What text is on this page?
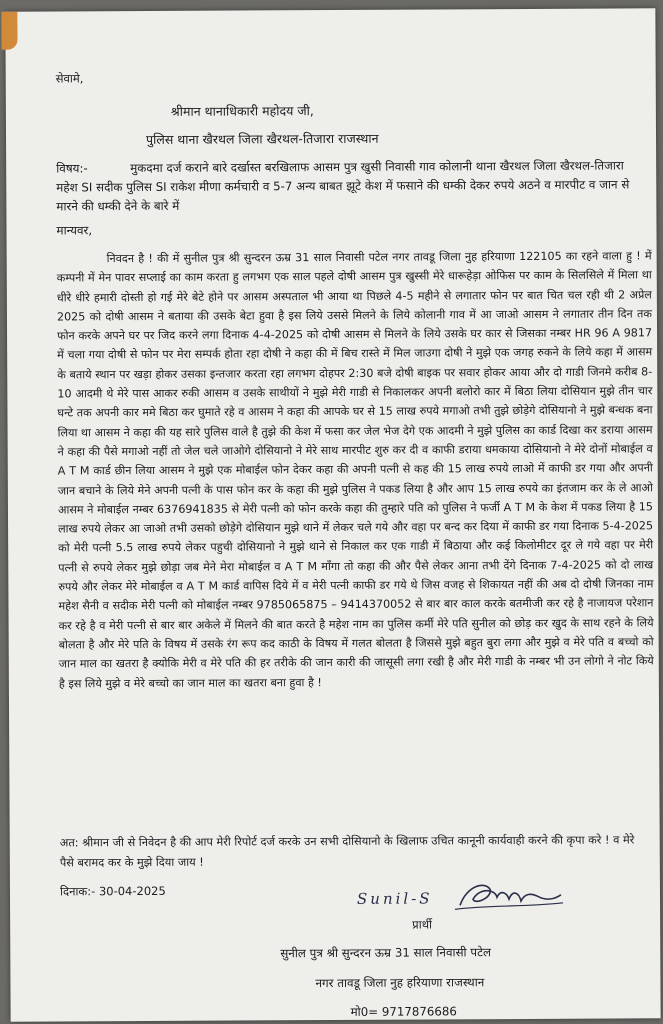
सेवामे,

श्रीमान थानाधिकारी महोदय जी,

पुलिस थाना खैरथल जिला खैरथल-तिजारा राजस्थान

विषय:-	मुकदमा दर्ज कराने बारे दर्खास्त बरखिलाफ आसम पुत्र खुसी निवासी गाव कोलानी थाना खैरथल जिला खैरथल-तिजारा महेश SI सदीक पुलिस SI राकेश मीणा कर्मचारी व 5-7 अन्य बाबत झूटे केश में फसाने की धम्की देकर रुपये अठने व मारपीट व जान से मारने की धम्की देने के बारे में

मान्यवर,

निवदन है ! की में सुनील पुत्र श्री सुन्दरन ऊम्र 31 साल निवासी पटेल नगर तावडू जिला नुह हरियाणा 122105 का रहने वाला हु ! में कम्पनी में मेन पावर सप्लाई का काम करता हु लगभग एक साल पहले दोषी आसम पुत्र खुस्सी मेरे धारूहेड़ा ओफिस पर काम के सिलसिले में मिला था धीरे धीरे हमारी दोस्ती हो गई मेरे बेटे होने पर आसम अस्पताल भी आया था पिछले 4-5 महीने से लगातार फोन पर बात चित चल रही थी 2 अप्रेल 2025 को दोषी आसम ने बताया की उसके बेटा हुवा है इस लिये उससे मिलने के लिये कोलानी गाव में आ जाओ आसम ने लगातार तीन दिन तक फोन करके अपने घर पर जिद करने लगा दिनाक 4-4-2025 को दोषी आसम से मिलने के लिये उसके घर कार से जिसका नम्बर HR 96 A 9817 में चला गया दोषी से फोन पर मेरा सम्पर्क होता रहा दोषी ने कहा की में बिच रास्ते में मिल जाउगा दोषी ने मुझे एक जगह रुकने के लिये कहा में आसम के बताये स्थान पर खड़ा होकर उसका इन्तजार करता रहा लगभग दोहपर 2:30 बजे दोषी बाइक पर सवार होकर आया और दो गाडी जिनमे करीब 8-10 आदमी थे मेरे पास आकर रुकी आसम व उसके साथीयों ने मुझे मेरी गाडी से निकालकर अपनी बलोरो कार में बिठा लिया दोसियान मुझे तीन चार घन्टे तक अपनी कार ममे बिठा कर घुमाते रहे व आसम ने कहा की आपके घर से 15 लाख रुपये मगाओ तभी तुझे छोड़ेगे दोसियानो ने मुझे बन्धक बना लिया था आसम ने कहा की यह सारे पुलिस वाले है तुझे की केश में फसा कर जेल भेज देगे एक आदमी ने मुझे पुलिस का कार्ड दिखा कर डराया आसम ने कहा की पैसे मगाओ नहीं तो जेल चले जाओगे दोसियानो ने मेरे साथ मारपीट शुरु कर दी व काफी डराया धमकाया दोसियानो ने मेरे दोनों मोबाईल व A T M कार्ड छीन लिया आसम ने मुझे एक मोबाईल फोन देकर कहा की अपनी पत्नी से कह की 15 लाख रुपये लाओ में काफी डर गया और अपनी जान बचाने के लिये मेने अपनी पत्नी के पास फोन कर के कहा की मुझे पुलिस ने पकड लिया है और आप 15 लाख रुपये का इंतजाम कर के ले आओ आसम ने मोबाईल नम्बर 6376941835 से मेरी पत्नी को फोन करके कहा की तुम्हारे पति को पुलिस ने फर्जी A T M के केश में पकड लिया है 15 लाख रुपये लेकर आ जाओ तभी उसको छोड़ेगे दोसियान मुझे थाने में लेकर चले गये और वहा पर बन्द कर दिया में काफी डर गया दिनाक 5-4-2025 को मेरी पत्नी 5.5 लाख रुपये लेकर पहुची दोसियानो ने मुझे थाने से निकाल कर एक गाडी में बिठाया और कई किलोमीटर दूर ले गये वहा पर मेरी पत्नी से रुपये लेकर मुझे छोड़ा जब मेने मेरा मोबाईल व A T M माँगा तो कहा की और पैसे लेकर आना तभी देंगे दिनाक 7-4-2025 को दो लाख रुपये और लेकर मेरे मोबाईल व A T M कार्ड वापिस दिये में व मेरी पत्नी काफी डर गये थे जिस वजह से शिकायत नहीं की अब दो दोषी जिनका नाम महेश सैनी व सदीक मेरी पत्नी को मोबाईल नम्बर 9785065875 – 9414370052 से बार बार काल करके बतमीजी कर रहे है नाजायज परेशान कर रहे है व मेरी पत्नी से बार बार अकेले में मिलने की बात करते है महेश नाम का पुलिस कर्मी मेरे पति सुनील को छोड़ कर खुद के साथ रहने के लिये बोलता है और मेरे पति के विषय में उसके रंग रूप कद काठी के विषय में गलत बोलता है जिससे मुझे बहुत बुरा लगा और मुझे व मेरे पति व बच्चो को जान माल का खतरा है क्योकि मेरी व मेरे पति की हर तरीके की जान कारी की जासूसी लगा रखी है और मेरी गाडी के नम्बर भी उन लोगो ने नोट किये है इस लिये मुझे व मेरे बच्चो का जान माल का खतरा बना हुवा है !

अत: श्रीमान जी से निवेदन है की आप मेरी रिपोर्ट दर्ज करके उन सभी दोसियानो के खिलाफ उचित कानूनी कार्यवाही करने की कृपा करे ! व मेरे पैसे बरामद कर के मुझे दिया जाय !

दिनाक:- 30-04-2025	Sunil-S

प्रार्थी

सुनील पुत्र श्री सुन्दरन ऊम्र 31 साल निवासी पटेल

नगर तावडू जिला नुह हरियाणा राजस्थान

मो0= 9717876686
